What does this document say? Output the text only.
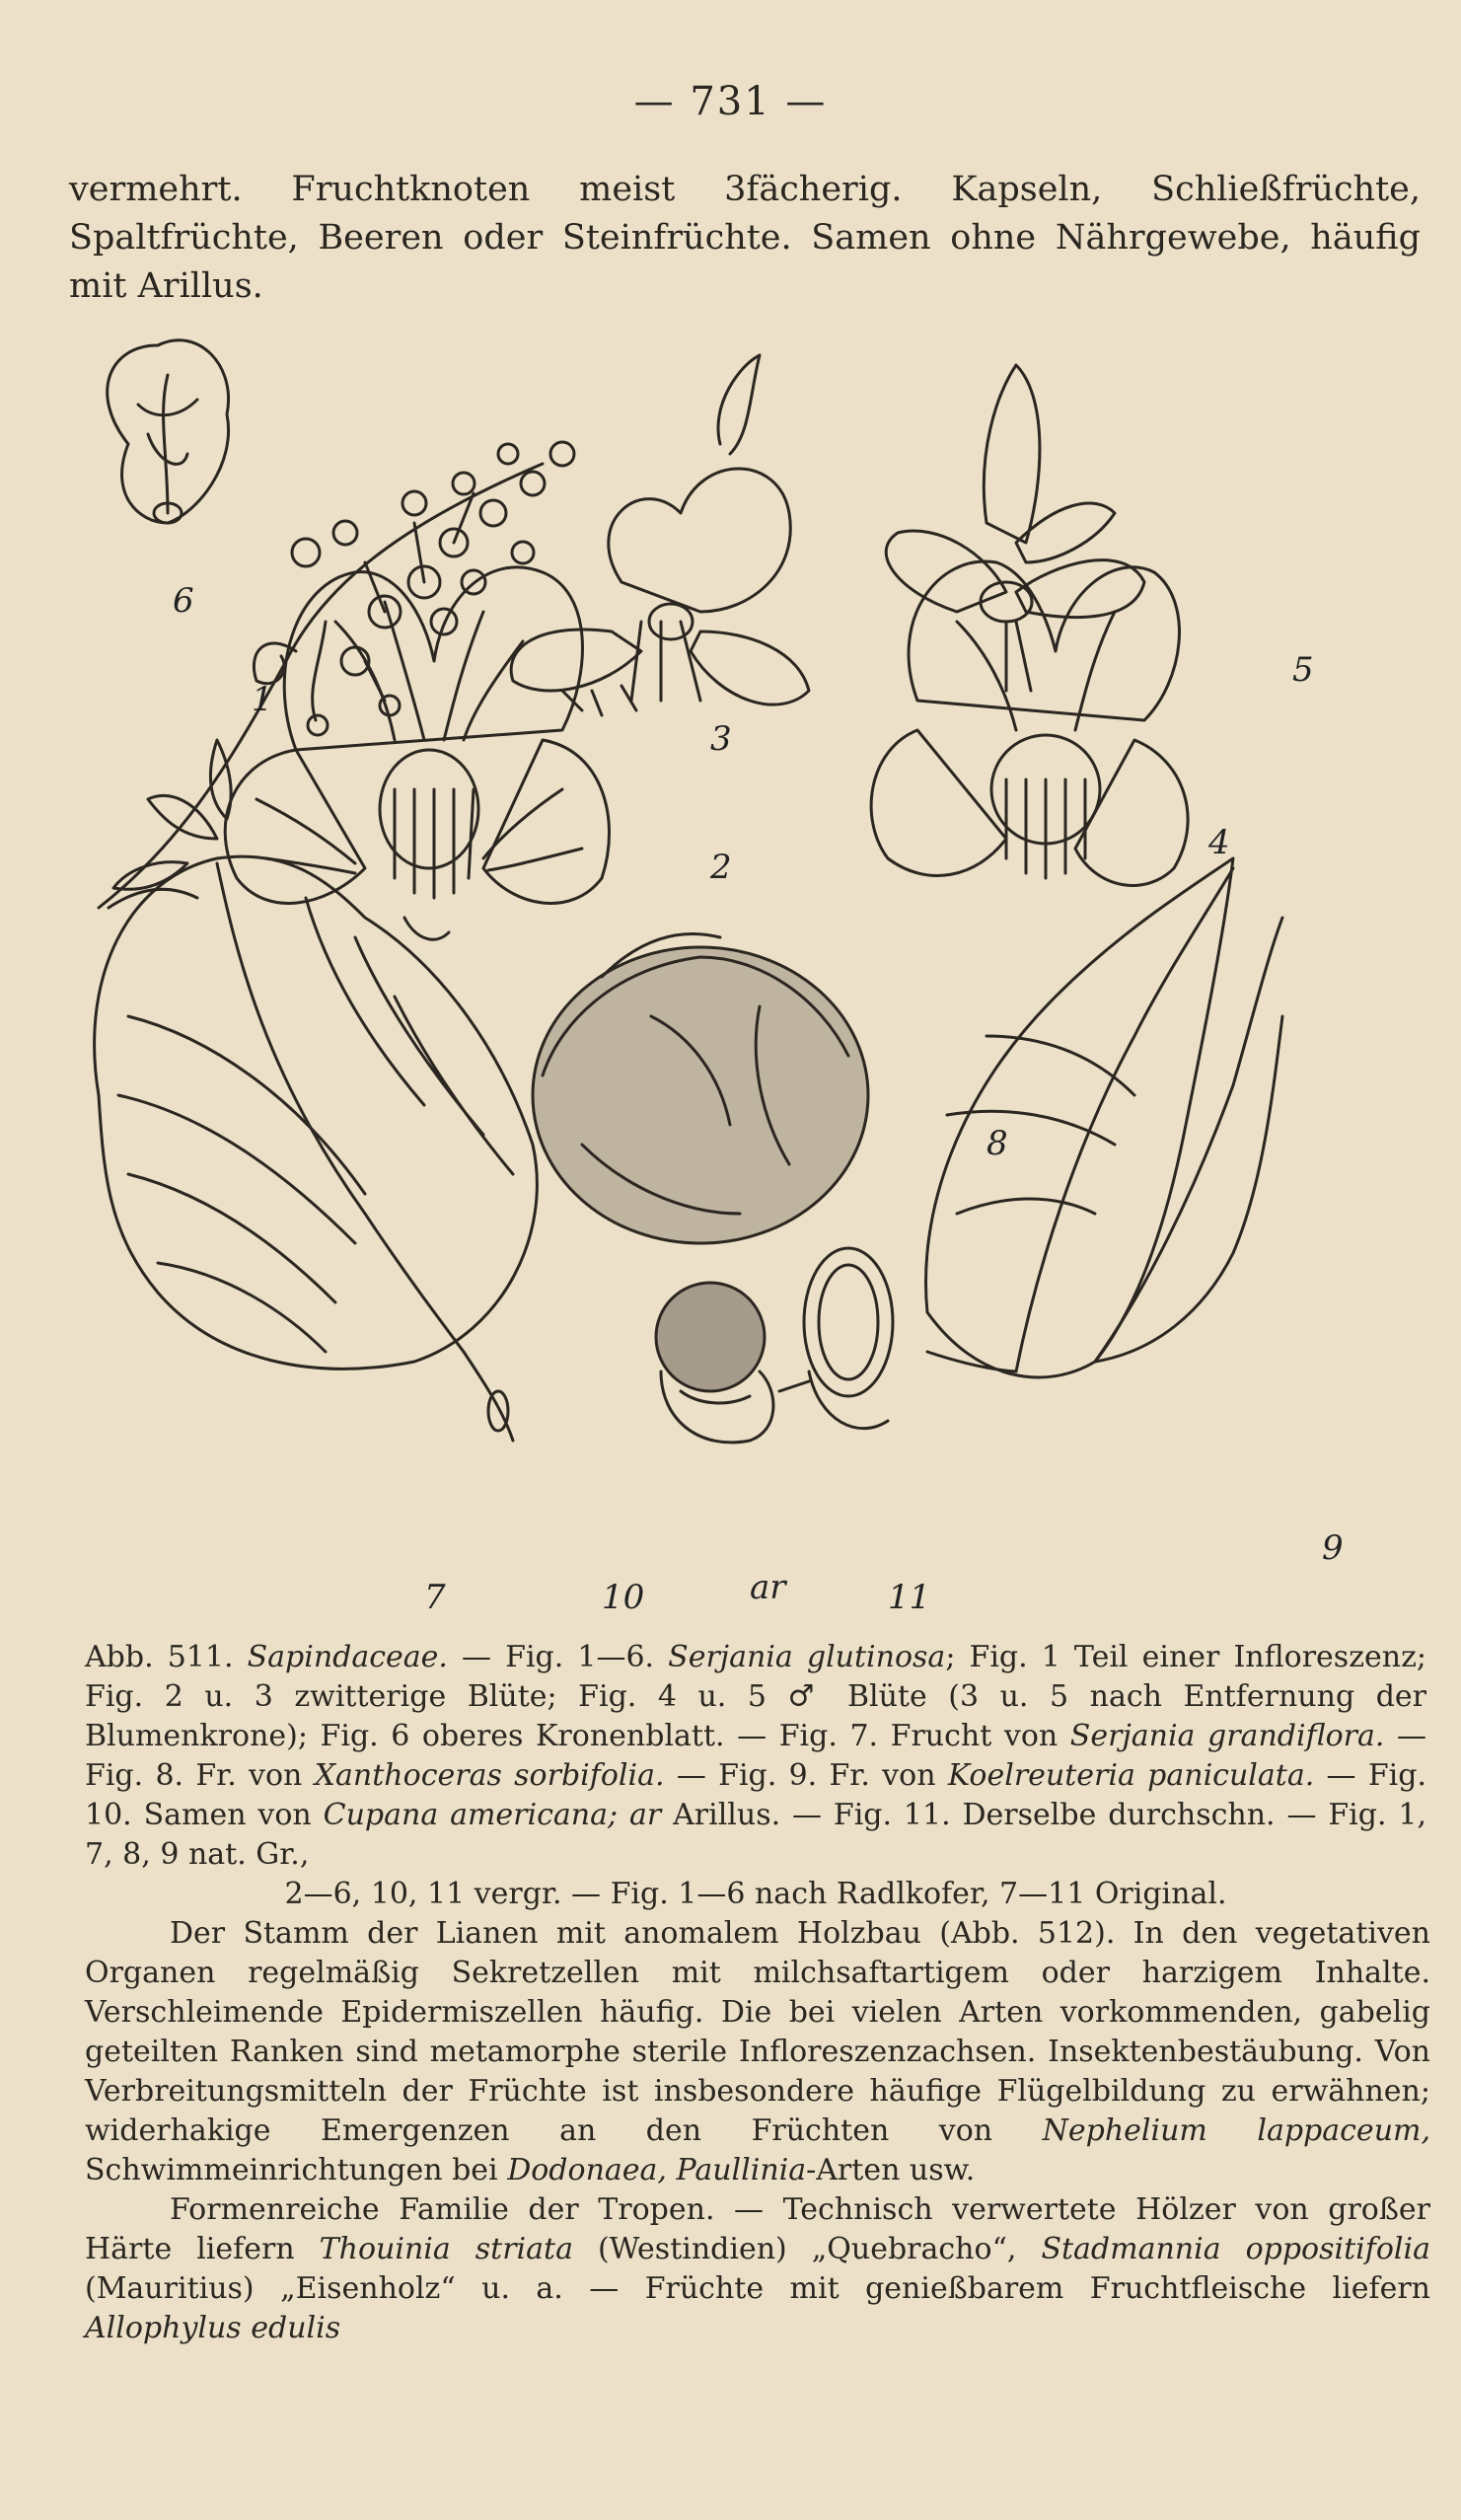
— 731 —
vermehrt. Fruchtknoten meist 3fächerig. Kapseln, Schließfrüchte, Spaltfrüchte, Beeren oder Steinfrüchte. Samen ohne Nährgewebe, häufig mit Arillus.
6
1
3
5
2
4
8
7	10	ar	11
9
Abb. 511. Sapindaceae. — Fig. 1—6. Serjania glutinosa; Fig. 1 Teil einer Infloreszenz; Fig. 2 u. 3 zwitterige Blüte; Fig. 4 u. 5 ♂ Blüte (3 u. 5 nach Entfernung der Blumenkrone); Fig. 6 oberes Kronenblatt. — Fig. 7. Frucht von Serjania grandiflora. — Fig. 8. Fr. von Xanthoceras sorbifolia. — Fig. 9. Fr. von Koelreuteria paniculata. — Fig. 10. Samen von Cupana americana; ar Arillus. — Fig. 11. Derselbe durchschn. — Fig. 1, 7, 8, 9 nat. Gr.,
2—6, 10, 11 vergr. — Fig. 1—6 nach Radlkofer, 7—11 Original.

Der Stamm der Lianen mit anomalem Holzbau (Abb. 512). In den vegetativen Organen regelmäßig Sekretzellen mit milchsaftartigem oder harzigem Inhalte. Verschleimende Epidermiszellen häufig. Die bei vielen Arten vorkommenden, gabelig geteilten Ranken sind metamorphe sterile Infloreszenzachsen. Insektenbestäubung. Von Verbreitungsmitteln der Früchte ist insbesondere häufige Flügelbildung zu erwähnen; widerhakige Emergenzen an den Früchten von Nephelium lappaceum, Schwimmeinrichtungen bei Dodonaea, Paullinia-Arten usw.

Formenreiche Familie der Tropen. — Technisch verwertete Hölzer von großer Härte liefern Thouinia striata (Westindien) „Quebracho“, Stadmannia oppositifolia (Mauritius) „Eisenholz“ u. a. — Früchte mit genießbarem Fruchtfleische liefern Allophylus edulis
